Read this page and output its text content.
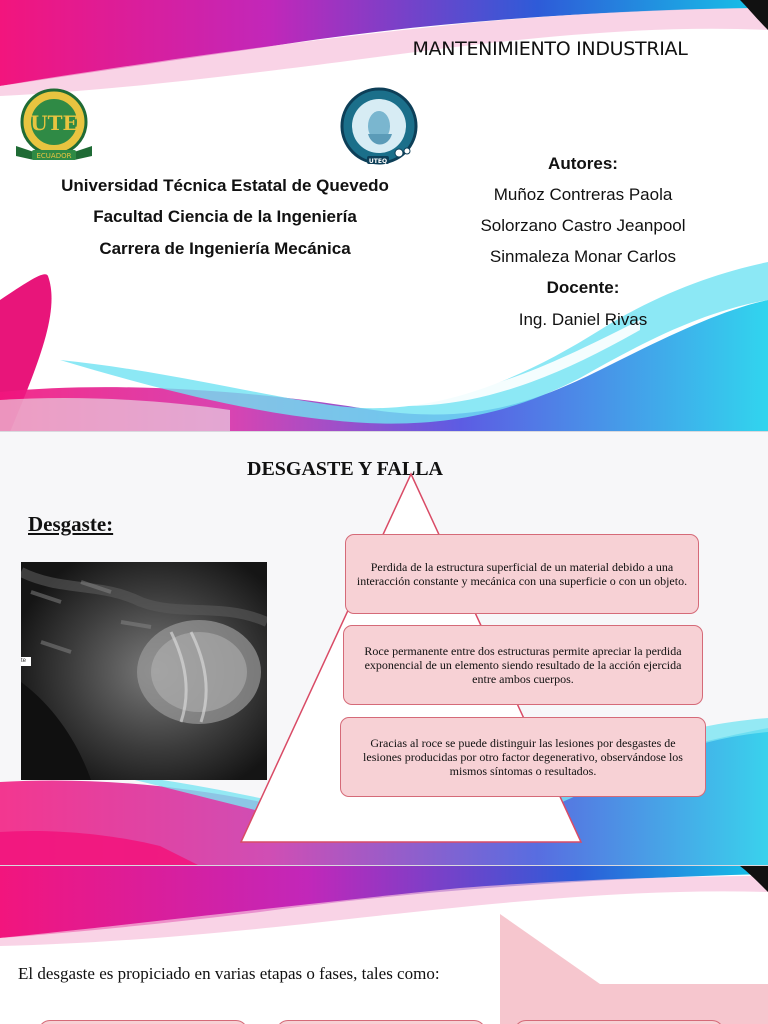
MANTENIMIENTO INDUSTRIAL
UTE
ECUADOR
UTEQ
Universidad Técnica Estatal de Quevedo
Facultad Ciencia de la Ingeniería
Carrera de Ingeniería Mecánica
Autores:
Muñoz Contreras Paola
Solorzano Castro Jeanpool
Sinmaleza Monar Carlos
Docente:
Ing. Daniel Rivas
DESGASTE Y FALLA
Desgaste:
te
Perdida de la estructura superficial de un material debido a una interacción constante y mecánica con una superficie o con un objeto.
Roce permanente entre dos estructuras permite apreciar la perdida exponencial de un elemento siendo resultado de la acción ejercida entre ambos cuerpos.
Gracias al roce se puede distinguir las lesiones por desgastes de lesiones producidas por otro factor degenerativo, observándose los mismos síntomas o resultados.
El desgaste es propiciado en varias etapas o fases, tales como:
